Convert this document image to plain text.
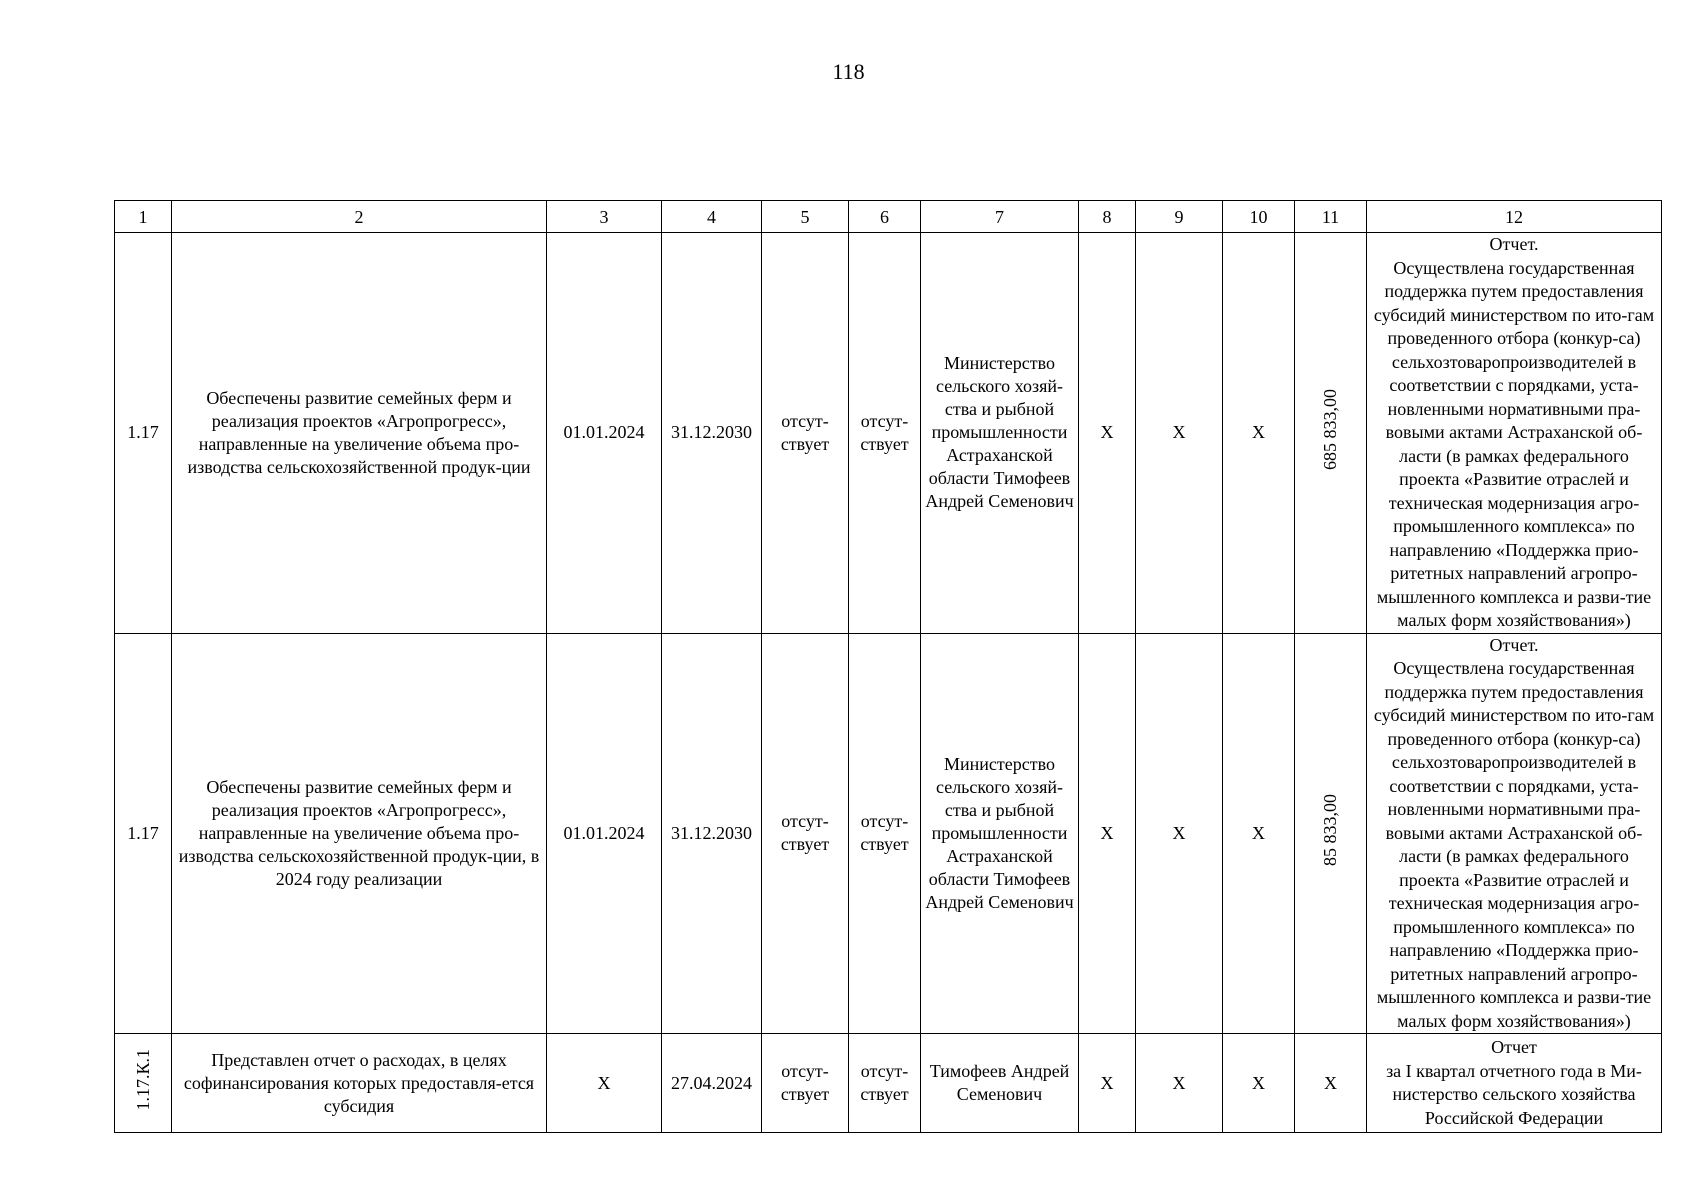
118
1	2	3	4	5	6	7	8	9	10	11	12
1.17	Обеспечены развитие семейных ферм и реализация проектов «Агропрогресс», направленные на увеличение объема про-изводства сельскохозяйственной продук-ции	01.01.2024	31.12.2030	отсут-ствует	отсут-ствует	Министерство сельского хозяй-ства и рыбной промышленности Астраханской области Тимофеев Андрей Семенович	X	X	X	685 833,00	Отчет.
Осуществлена государственная поддержка путем предоставления субсидий министерством по ито-гам проведенного отбора (конкур-са) сельхозтоваропроизводителей в соответствии с порядками, уста-новленными нормативными пра-вовыми актами Астраханской об-ласти (в рамках федерального проекта «Развитие отраслей и техническая модернизация агро-промышленного комплекса» по направлению «Поддержка прио-ритетных направлений агропро-мышленного комплекса и разви-тие малых форм хозяйствования»)
1.17	Обеспечены развитие семейных ферм и реализация проектов «Агропрогресс», направленные на увеличение объема про-изводства сельскохозяйственной продук-ции, в 2024 году реализации	01.01.2024	31.12.2030	отсут-ствует	отсут-ствует	Министерство сельского хозяй-ства и рыбной промышленности Астраханской области Тимофеев Андрей Семенович	X	X	X	85 833,00	Отчет.
Осуществлена государственная поддержка путем предоставления субсидий министерством по ито-гам проведенного отбора (конкур-са) сельхозтоваропроизводителей в соответствии с порядками, уста-новленными нормативными пра-вовыми актами Астраханской об-ласти (в рамках федерального проекта «Развитие отраслей и техническая модернизация агро-промышленного комплекса» по направлению «Поддержка прио-ритетных направлений агропро-мышленного комплекса и разви-тие малых форм хозяйствования»)
1.17.К.1	Представлен отчет о расходах, в целях софинансирования которых предоставля-ется субсидия	X	27.04.2024	отсут-ствует	отсут-ствует	Тимофеев Андрей Семенович	X	X	X	X	Отчет
за I квартал отчетного года в Ми-нистерство сельского хозяйства Российской Федерации
